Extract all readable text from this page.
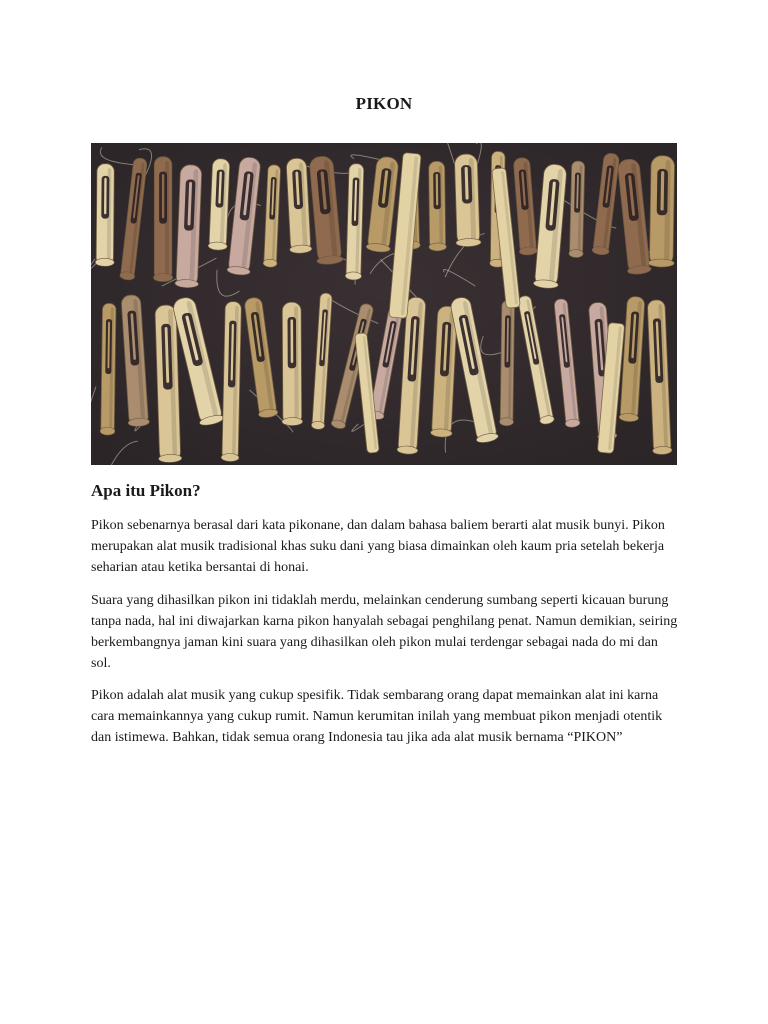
PIKON
Apa itu Pikon?

Pikon sebenarnya berasal dari kata pikonane, dan dalam bahasa baliem berarti alat musik bunyi. Pikon merupakan alat musik tradisional khas suku dani yang biasa dimainkan oleh kaum pria setelah bekerja seharian atau ketika bersantai di honai.

Suara yang dihasilkan pikon ini tidaklah merdu, melainkan cenderung sumbang seperti kicauan burung tanpa nada, hal ini diwajarkan karna pikon hanyalah sebagai penghilang penat. Namun demikian, seiring berkembangnya jaman kini suara yang dihasilkan oleh pikon mulai terdengar sebagai nada do mi dan sol.

Pikon adalah alat musik yang cukup spesifik. Tidak sembarang orang dapat memainkan alat ini karna cara memainkannya yang cukup rumit. Namun kerumitan inilah yang membuat pikon menjadi otentik dan istimewa. Bahkan, tidak semua orang Indonesia tau jika ada alat musik bernama “PIKON”
